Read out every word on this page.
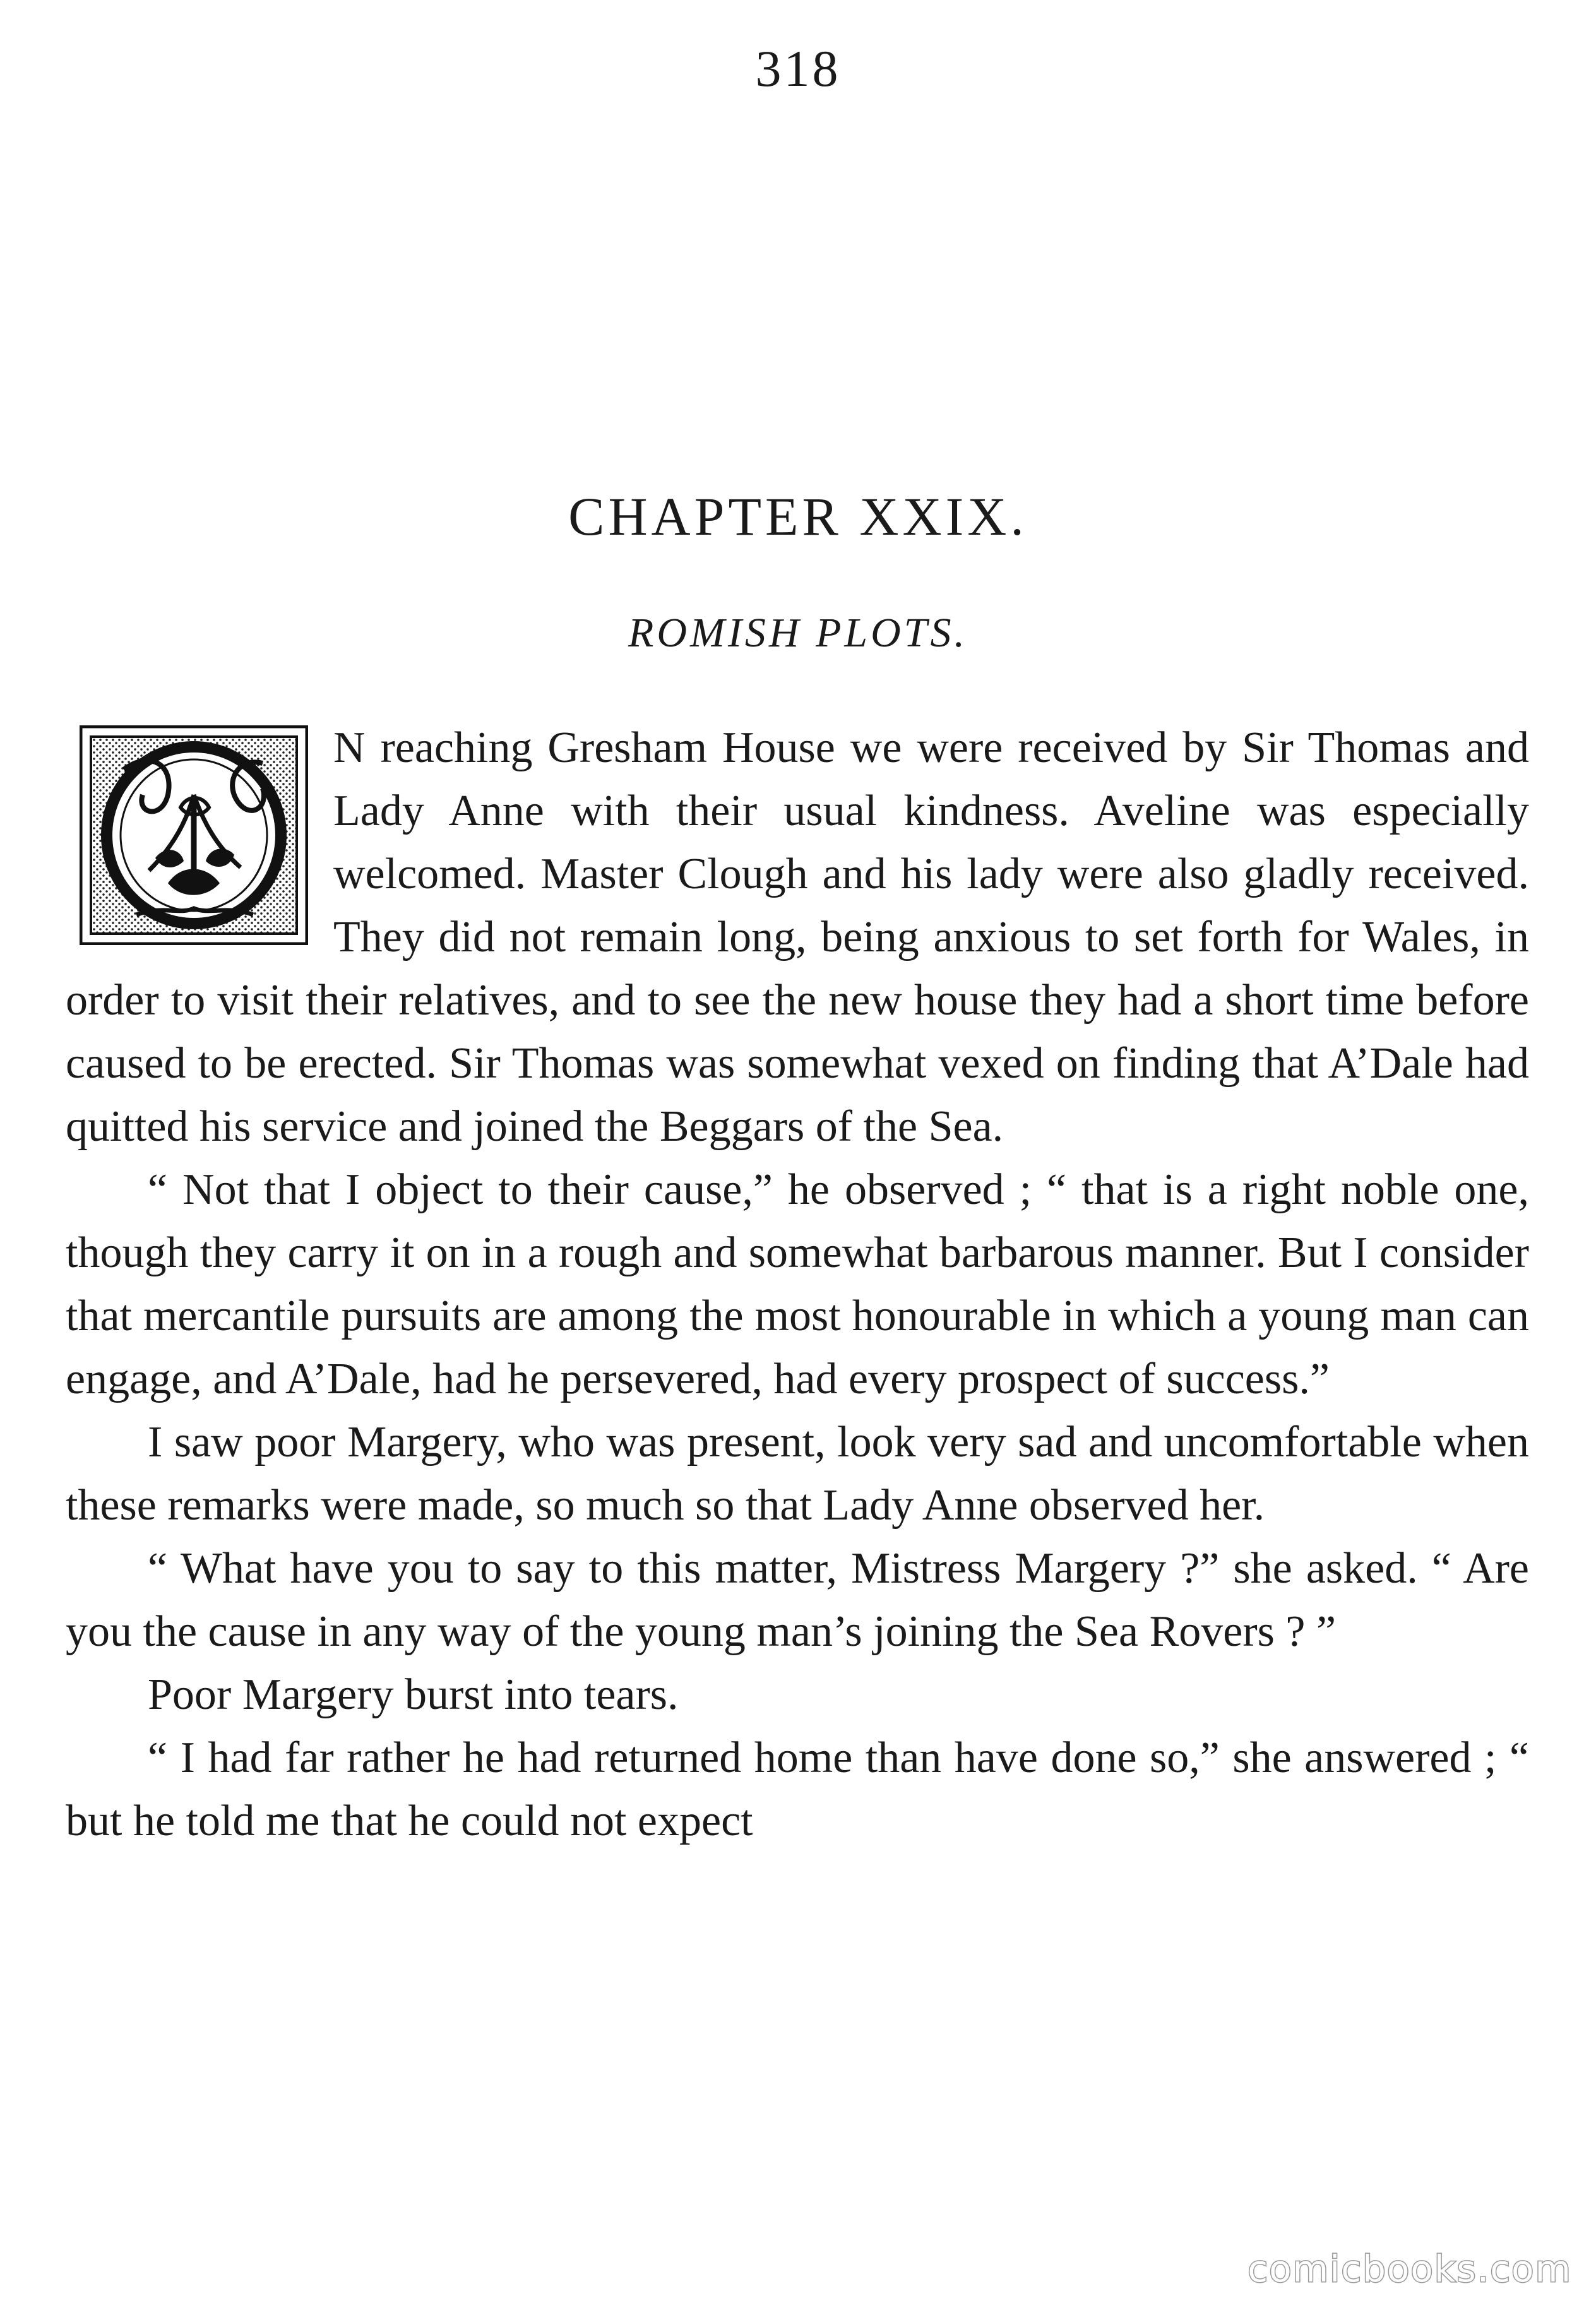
318
CHAPTER XXIX.
ROMISH PLOTS.

N reaching Gresham House we were received by Sir Thomas and Lady Anne with their usual kindness. Aveline was especially welcomed. Master Clough and his lady were also gladly received. They did not remain long, being anxious to set forth for Wales, in order to visit their relatives, and to see the new house they had a short time before caused to be erected. Sir Thomas was somewhat vexed on finding that A’Dale had quitted his service and joined the Beggars of the Sea.

“ Not that I object to their cause,” he observed ; “ that is a right noble one, though they carry it on in a rough and somewhat barbarous manner. But I consider that mercantile pursuits are among the most honourable in which a young man can engage, and A’Dale, had he persevered, had every prospect of success.”

I saw poor Margery, who was present, look very sad and uncomfortable when these remarks were made, so much so that Lady Anne observed her.

“ What have you to say to this matter, Mistress Margery ?” she asked. “ Are you the cause in any way of the young man’s joining the Sea Rovers ? ”

Poor Margery burst into tears.

“ I had far rather he had returned home than have done so,” she answered ; “ but he told me that he could not expect

comicbooks.com
